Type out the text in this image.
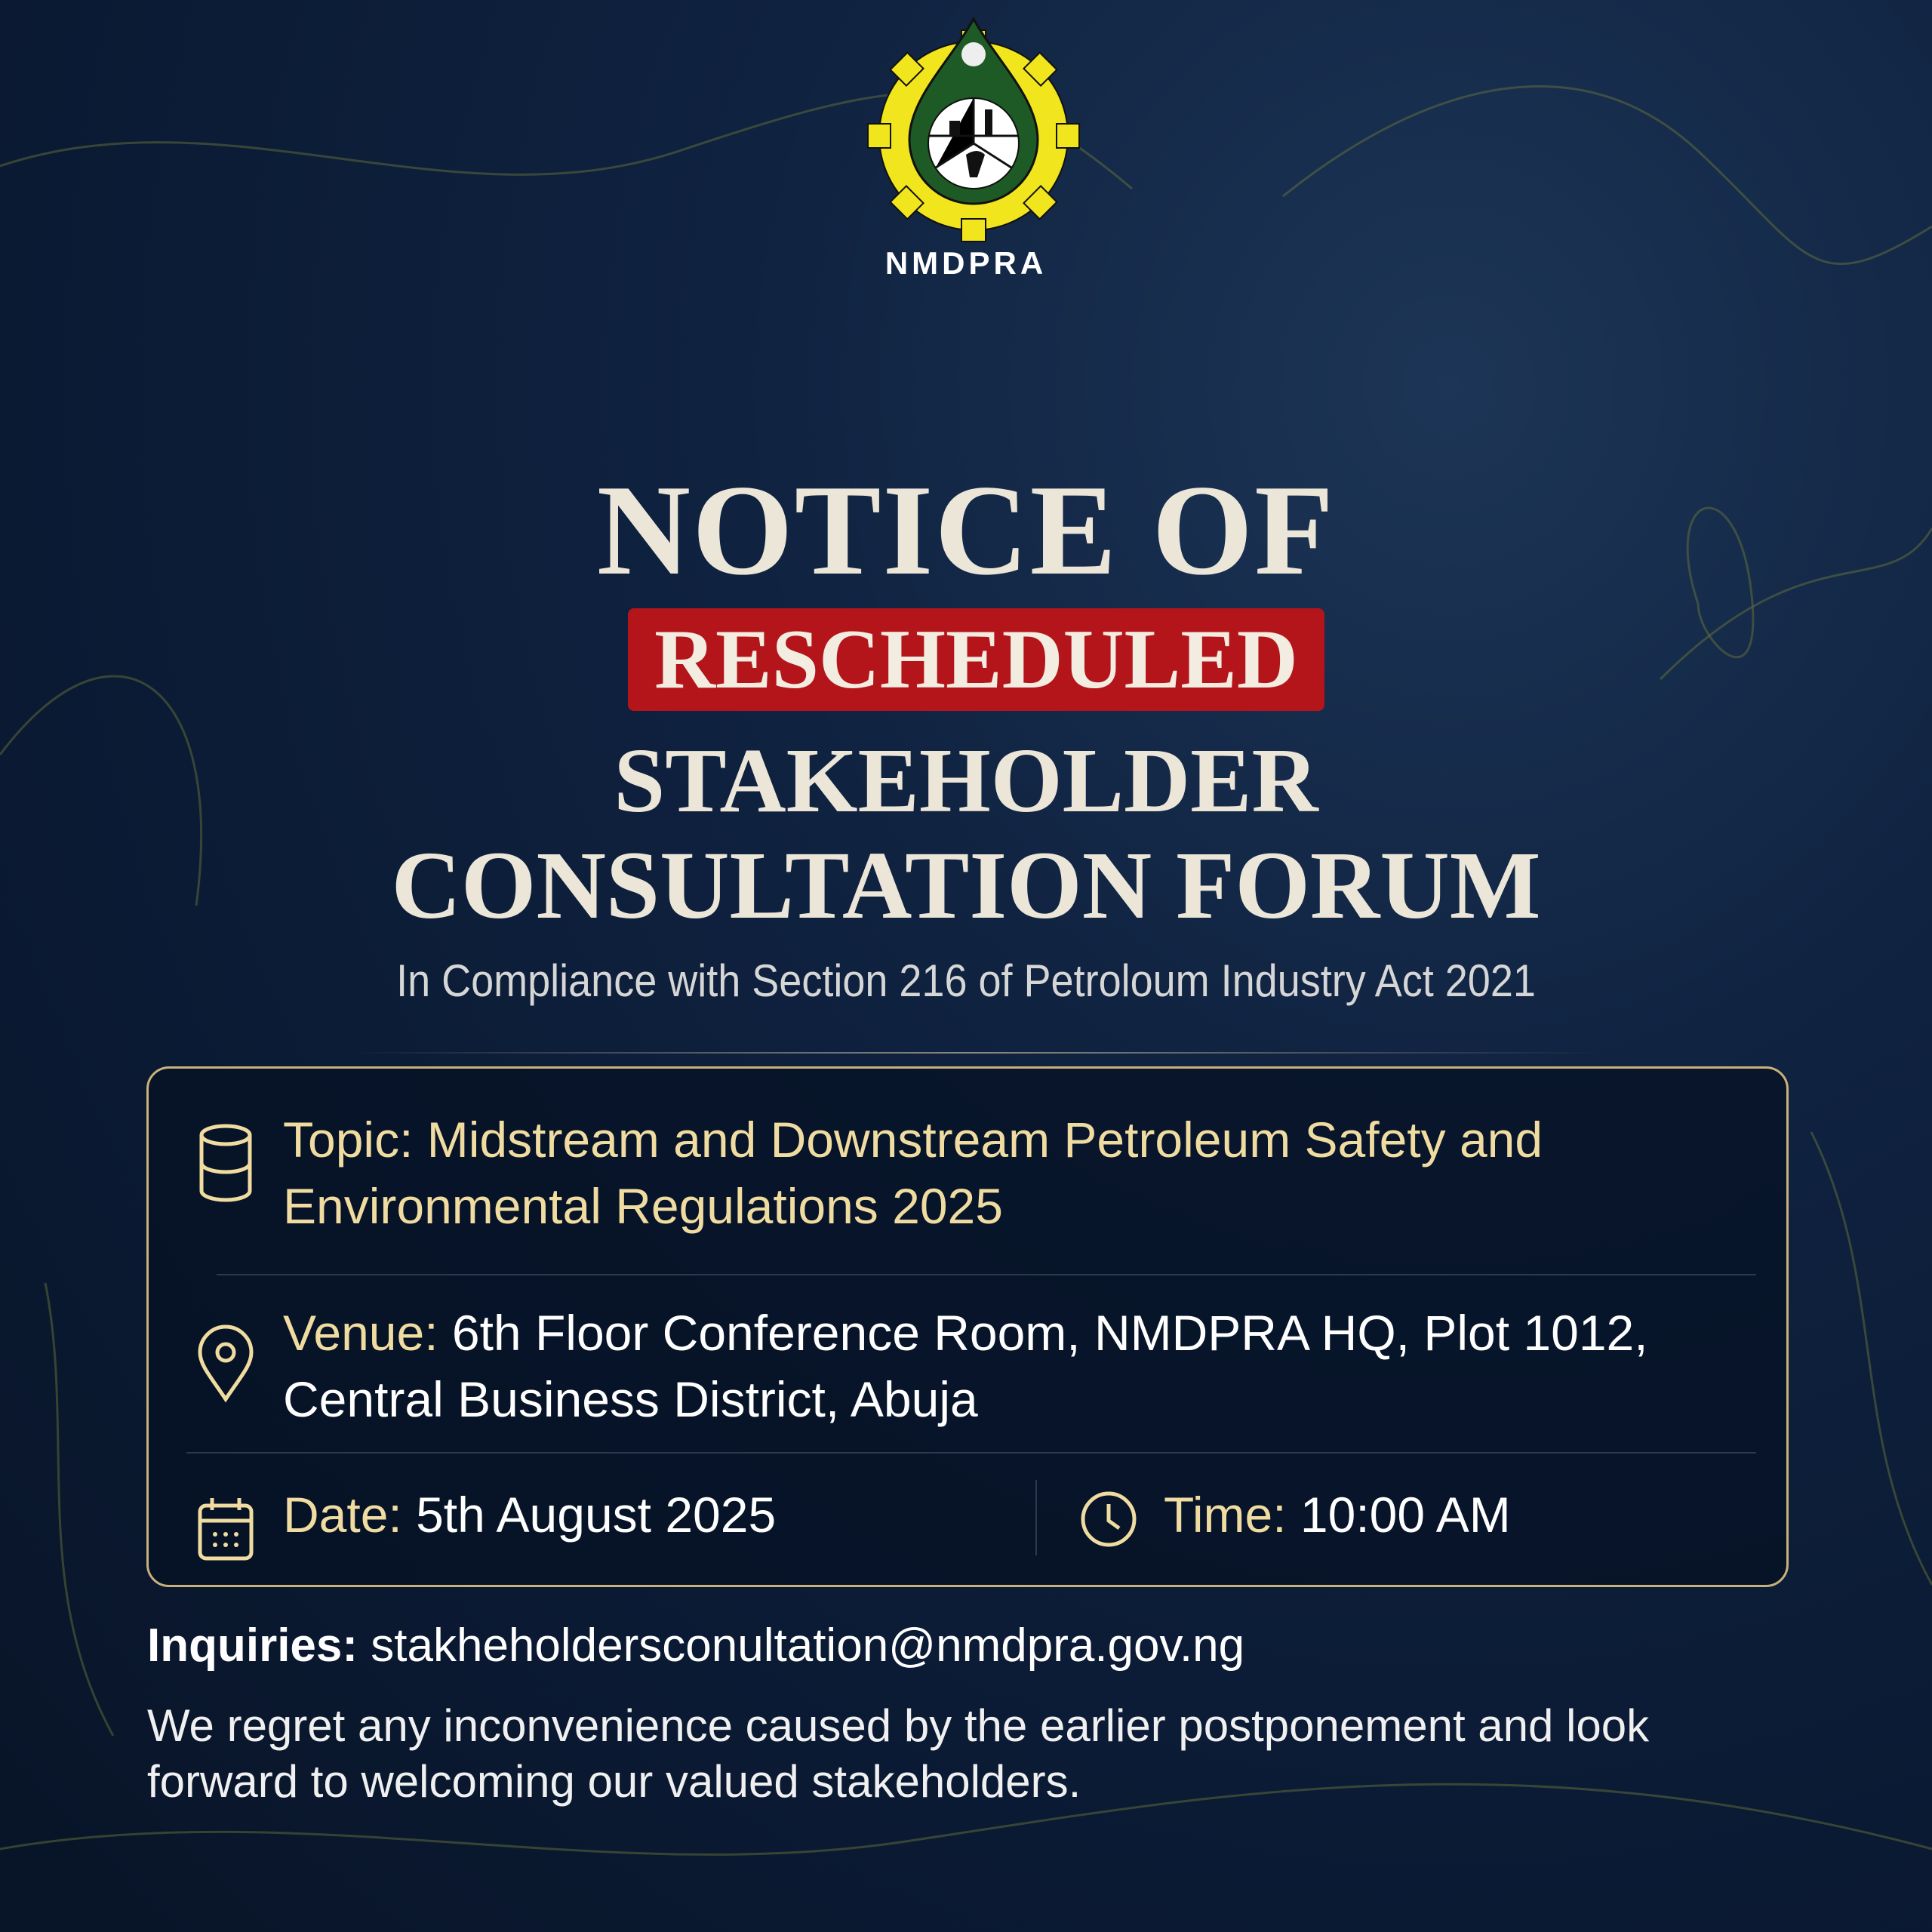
NMDPRA
NOTICE OF
RESCHEDULED
STAKEHOLDER
CONSULTATION FORUM
In Compliance with Section 216 of Petroloum Industry Act 2021
Topic: Midstream and Downstream Petroleum Safety and Environmental Regulations 2025
Venue: 6th Floor Conference Room, NMDPRA HQ, Plot 1012, Central Business District, Abuja
Date: 5th August 2025	Time: 10:00 AM
Inquiries: stakheholdersconultation@nmdpra.gov.ng
We regret any inconvenience caused by the earlier postponement and look forward to welcoming our valued stakeholders.
